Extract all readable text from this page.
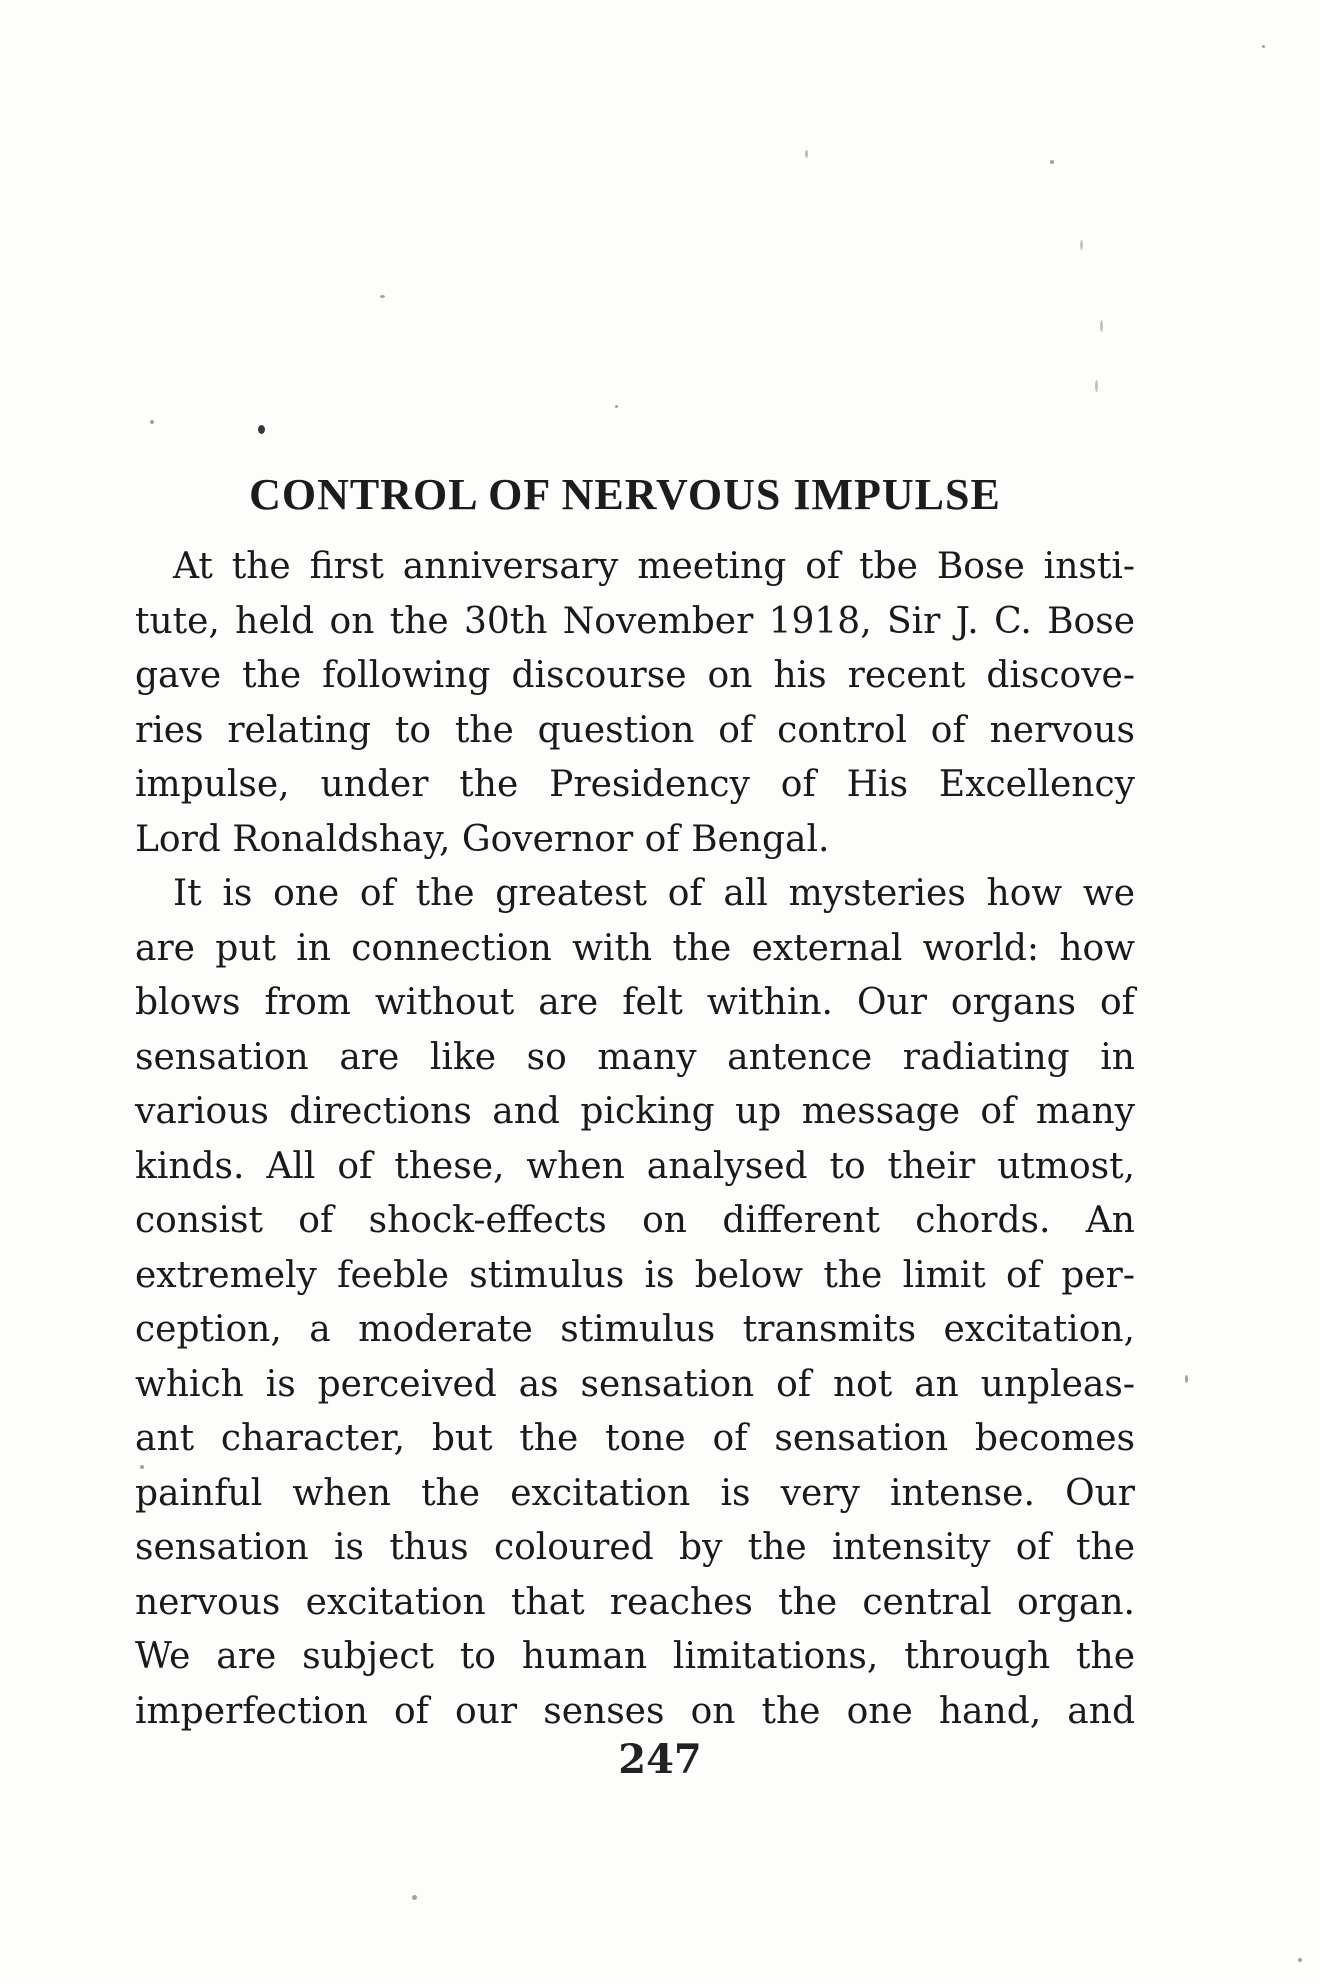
CONTROL OF NERVOUS IMPULSE

At the first anniversary meeting of tbe Bose insti-
tute, held on the 30th November 1918, Sir J. C. Bose
gave the following discourse on his recent discove-
ries relating to the question of control of nervous
impulse, under the Presidency of His Excellency
Lord Ronaldshay, Governor of Bengal.

It is one of the greatest of all mysteries how we
are put in connection with the external world: how
blows from without are felt within. Our organs of
sensation are like so many antence radiating in
various directions and picking up message of many
kinds. All of these, when analysed to their utmost,
consist of shock-effects on different chords. An
extremely feeble stimulus is below the limit of per-
ception, a moderate stimulus transmits excitation,
which is perceived as sensation of not an unpleas-
ant character, but the tone of sensation becomes
painful when the excitation is very intense. Our
sensation is thus coloured by the intensity of the
nervous excitation that reaches the central organ.
We are subject to human limitations, through the
imperfection of our senses on the one hand, and

247
